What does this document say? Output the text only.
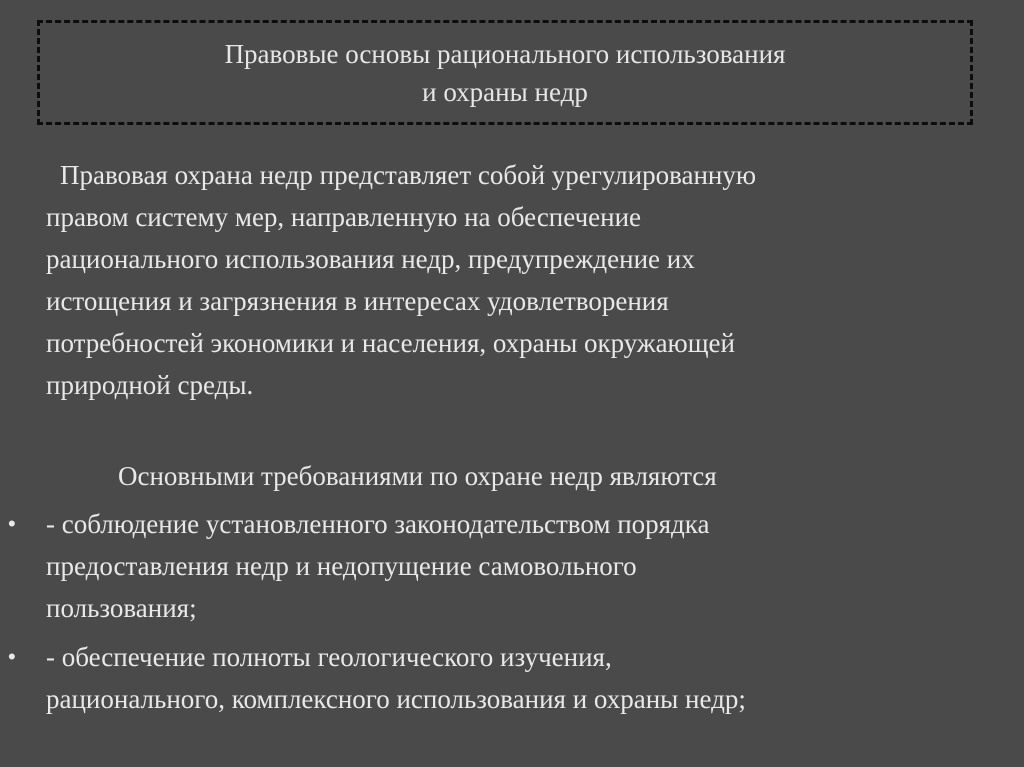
Правовые основы рационального использования
и охраны недр
Правовая охрана недр представляет собой урегулированную
правом систему мер, направленную на обеспечение
рационального использования недр, предупреждение их
истощения и загрязнения в интересах удовлетворения
потребностей экономики и населения, охраны окружающей
природной среды.
Основными требованиями по охране недр являются
• - соблюдение установленного законодательством порядка
предоставления недр и недопущение самовольного
пользования;
• - обеспечение полноты геологического изучения,
рационального, комплексного использования и охраны недр;
